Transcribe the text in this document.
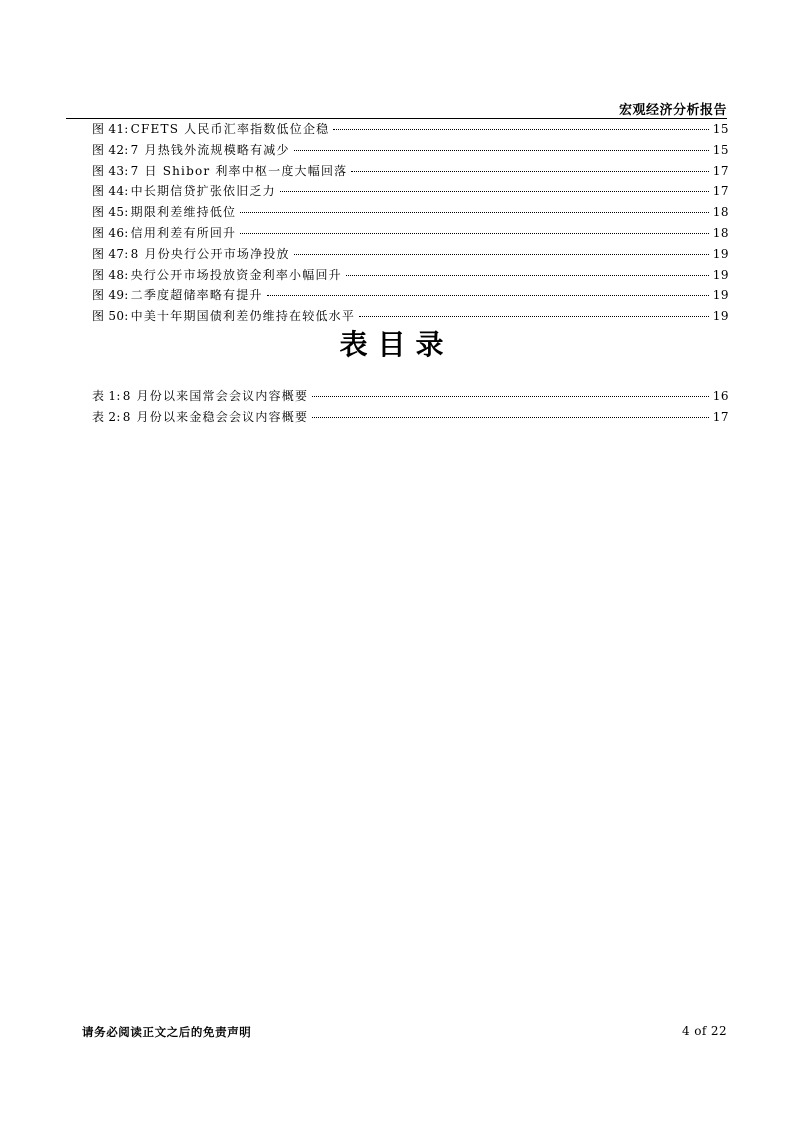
宏观经济分析报告
图 41: CFETS 人民币汇率指数低位企稳	15
图 42: 7 月热钱外流规模略有减少	15
图 43: 7 日 Shibor 利率中枢一度大幅回落	17
图 44: 中长期信贷扩张依旧乏力	17
图 45: 期限利差维持低位	18
图 46: 信用利差有所回升	18
图 47: 8 月份央行公开市场净投放	19
图 48: 央行公开市场投放资金利率小幅回升	19
图 49: 二季度超储率略有提升	19
图 50: 中美十年期国债利差仍维持在较低水平	19
表目录
表 1: 8 月份以来国常会会议内容概要	16
表 2: 8 月份以来金稳会会议内容概要	17
请务必阅读正文之后的免责声明	4 of 22
